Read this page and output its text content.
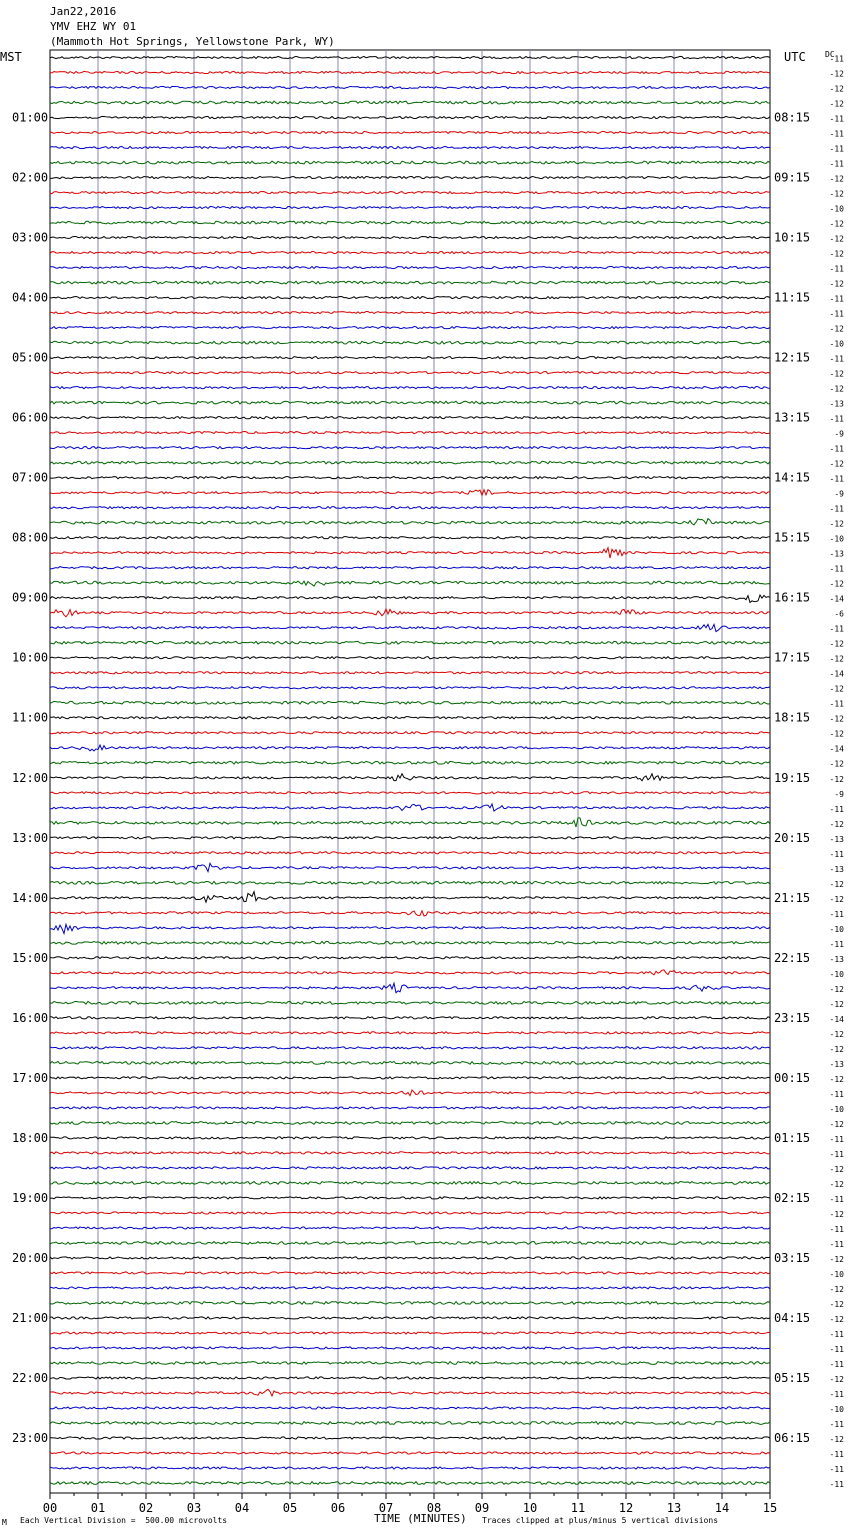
Jan22,2016
YMV EHZ WY 01
(Mammoth Hot Springs, Yellowstone Park, WY)
00	01	02	03	04	05	06	07	08	09	10	11	12	13	14	15
MST	UTC DC
-11
-12
-12
-12
-11
01:00	08:15
-11
-11
-11
-12
02:00	09:15
-12
-10
-12
-12
03:00	10:15
-12
-11
-12
-11
04:00	11:15
-11
-12
-10
-11
05:00	12:15
-12
-12
-13
-11
06:00	13:15
-9
-11
-12
-11
07:00	14:15
-9
-11
-12
-10
08:00	15:15
-13
-11
-12
-14
09:00	16:15
-6
-11
-12
-12
10:00	17:15
-14
-12
-11
-12
11:00	18:15
-12
-14
-12
-12
12:00	19:15
-9
-11
-12
-13
13:00	20:15
-11
-13
-12
-12
14:00	21:15
-11
-10
-11
-13
15:00	22:15
-10
-12
-12
-14
16:00	23:15
-12
-12
-13
-12
17:00	00:15
-11
-10
-12
-11
18:00	01:15
-11
-12
-12
-11
19:00	02:15
-12
-11
-11
-12
20:00	03:15
-10
-12
-12
-12
21:00	04:15
-11
-11
-11
-12
22:00	05:15
-11
-10
-11
-12
23:00	06:15
-11
-11
-11
M Each Vertical Division =  500.00 microvolts	TIME (MINUTES) Traces clipped at plus/minus 5 vertical divisions
